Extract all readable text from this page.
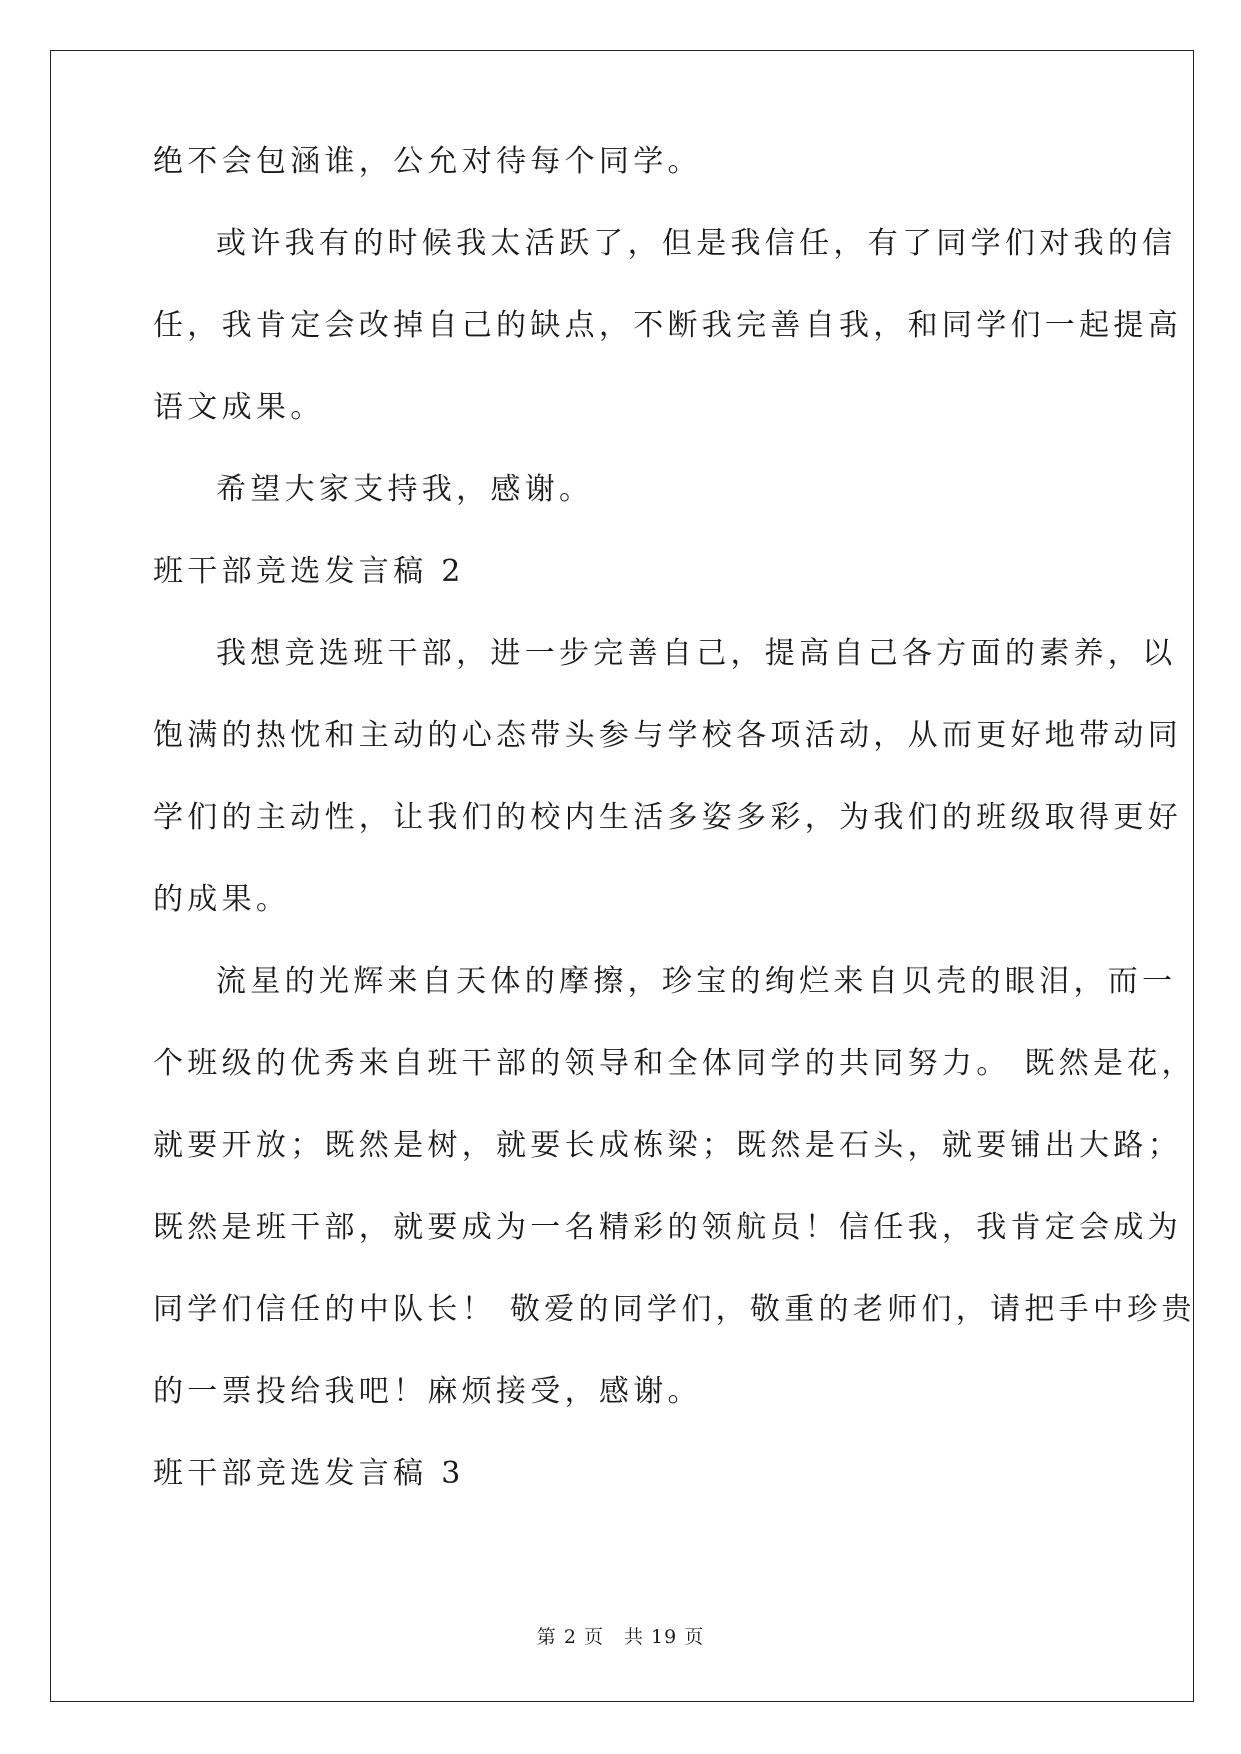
绝不会包涵谁，公允对待每个同学。
或许我有的时候我太活跃了，但是我信任，有了同学们对我的信
任，我肯定会改掉自己的缺点，不断我完善自我，和同学们一起提高
语文成果。
希望大家支持我，感谢。
班干部竞选发言稿 2
我想竞选班干部，进一步完善自己，提高自己各方面的素养，以
饱满的热忱和主动的心态带头参与学校各项活动，从而更好地带动同
学们的主动性，让我们的校内生活多姿多彩，为我们的班级取得更好
的成果。
流星的光辉来自天体的摩擦，珍宝的绚烂来自贝壳的眼泪，而一
个班级的优秀来自班干部的领导和全体同学的共同努力。 既然是花，
就要开放；既然是树，就要长成栋梁；既然是石头，就要铺出大路；
既然是班干部，就要成为一名精彩的领航员！信任我，我肯定会成为
同学们信任的中队长！ 敬爱的同学们，敬重的老师们，请把手中珍贵
的一票投给我吧！麻烦接受，感谢。
班干部竞选发言稿 3
第 2 页　共 19 页
